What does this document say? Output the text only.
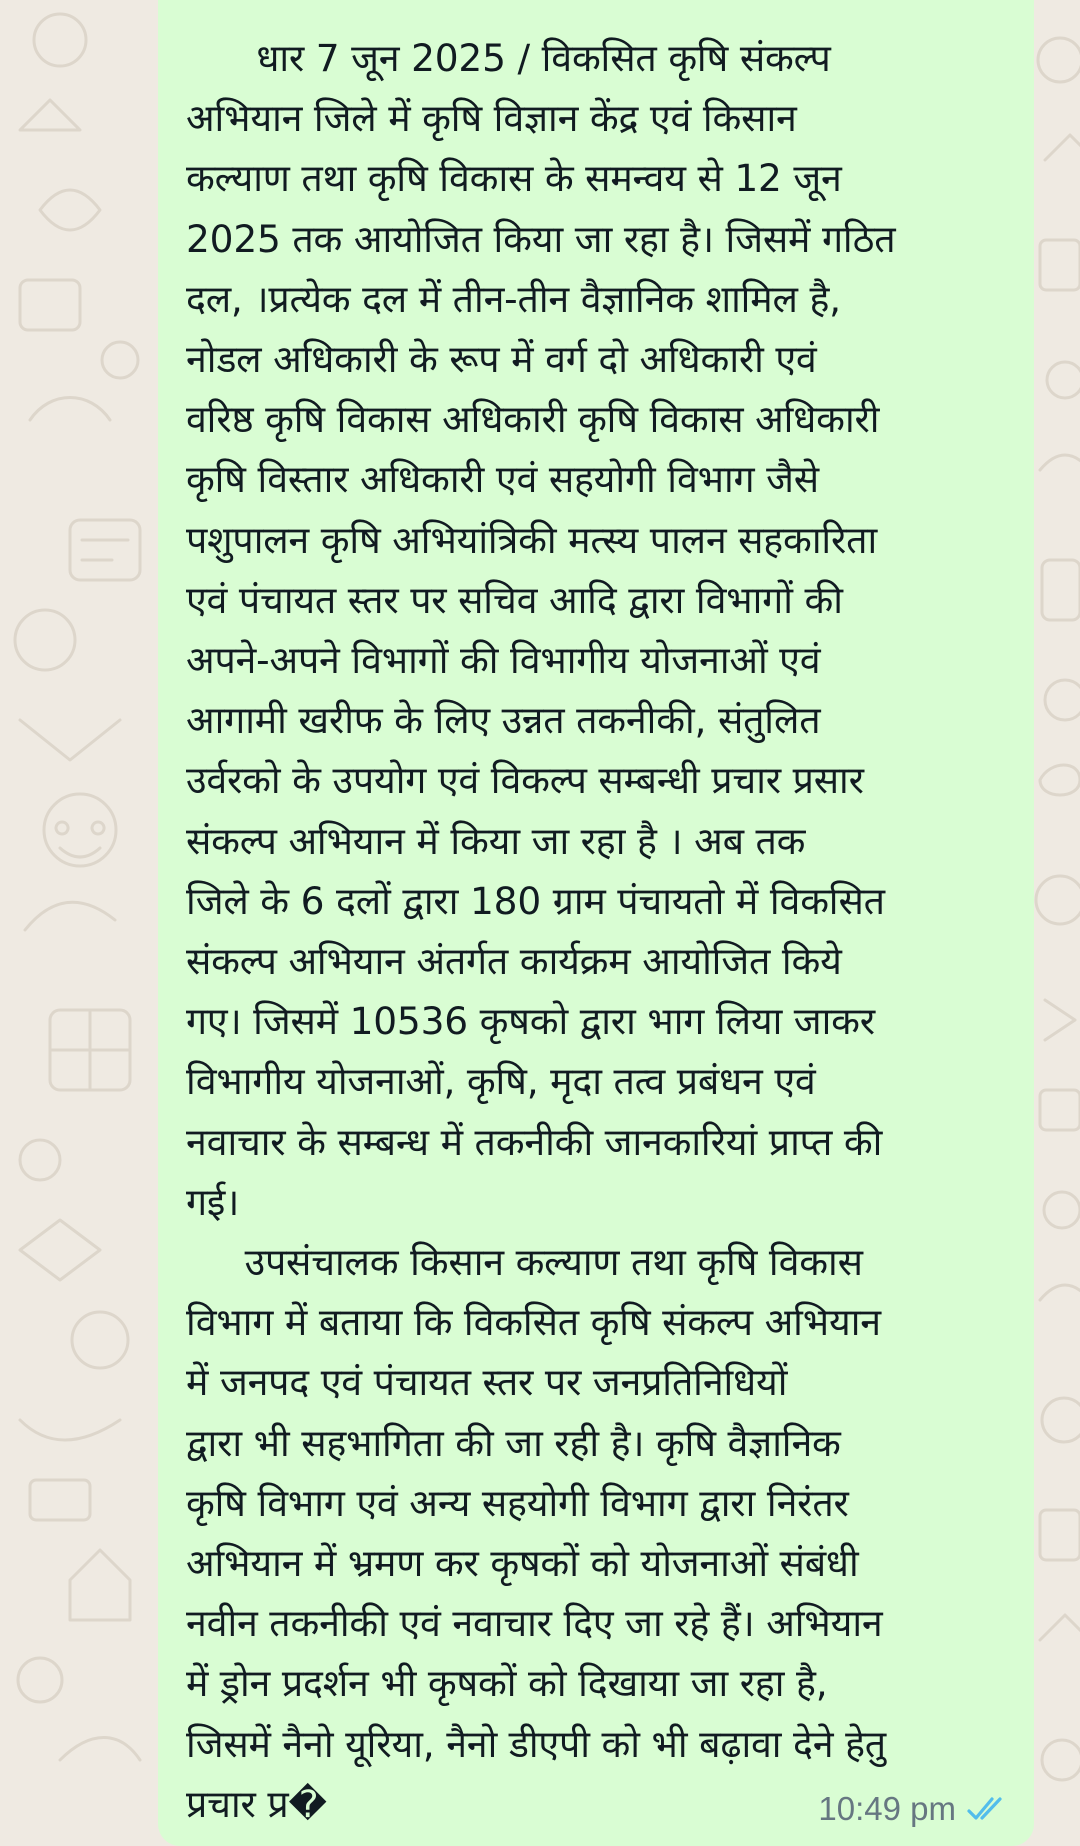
धार 7 जून 2025 / विकसित कृषि संकल्प
अभियान जिले में कृषि विज्ञान केंद्र एवं किसान
कल्याण तथा कृषि विकास के समन्वय से 12 जून
2025 तक आयोजित किया जा रहा है। जिसमें गठित
दल, ।प्रत्येक दल में तीन-तीन वैज्ञानिक शामिल है,
नोडल अधिकारी के रूप में वर्ग दो अधिकारी एवं
वरिष्ठ कृषि विकास अधिकारी कृषि विकास अधिकारी
कृषि विस्तार अधिकारी एवं सहयोगी विभाग जैसे
पशुपालन कृषि अभियांत्रिकी मत्स्य पालन सहकारिता
एवं पंचायत स्तर पर सचिव आदि द्वारा विभागों की
अपने-अपने विभागों की विभागीय योजनाओं एवं
आगामी खरीफ के लिए उन्नत तकनीकी, संतुलित
उर्वरको के उपयोग एवं विकल्प सम्बन्धी प्रचार प्रसार
संकल्प अभियान में किया जा रहा है । अब तक
जिले के 6 दलों द्वारा 180 ग्राम पंचायतो में विकसित
संकल्प अभियान अंतर्गत कार्यक्रम आयोजित किये
गए। जिसमें 10536 कृषको द्वारा भाग लिया जाकर
विभागीय योजनाओं, कृषि, मृदा तत्व प्रबंधन एवं
नवाचार के सम्बन्ध में तकनीकी जानकारियां प्राप्त की
गई।
उपसंचालक किसान कल्याण तथा कृषि विकास
विभाग में बताया कि विकसित कृषि संकल्प अभियान
में जनपद एवं पंचायत स्तर पर जनप्रतिनिधियों
द्वारा भी सहभागिता की जा रही है। कृषि वैज्ञानिक
कृषि विभाग एवं अन्य सहयोगी विभाग द्वारा निरंतर
अभियान में भ्रमण कर कृषकों को योजनाओं संबंधी
नवीन तकनीकी एवं नवाचार दिए जा रहे हैं। अभियान
में ड्रोन प्रदर्शन भी कृषकों को दिखाया जा रहा है,
जिसमें नैनो यूरिया, नैनो डीएपी को भी बढ़ावा देने हेतु
प्रचार प्र�	10:49 pm
